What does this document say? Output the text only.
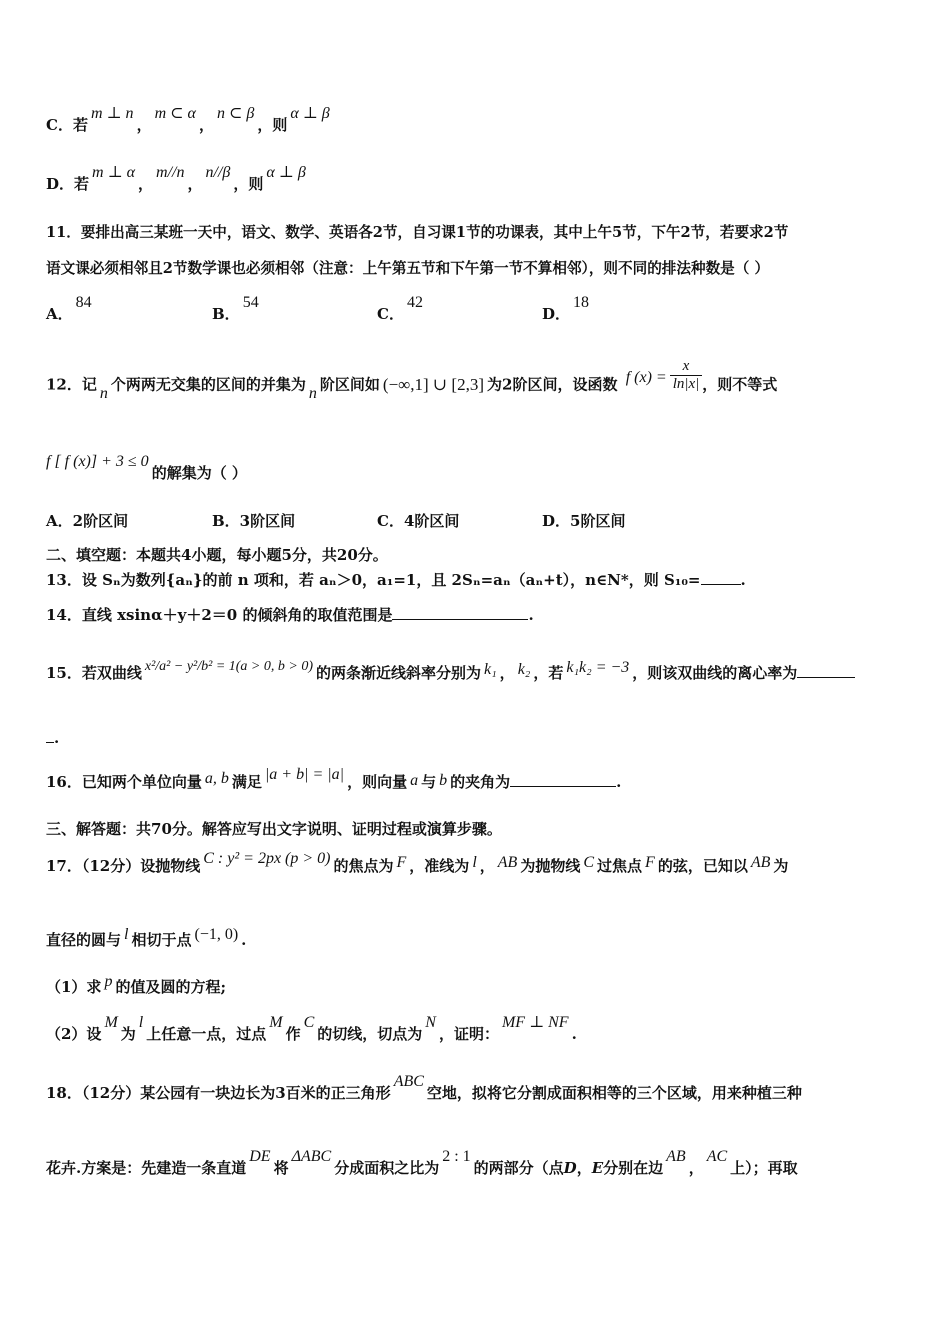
C．若m ⊥ n，m ⊂ α，n ⊂ β，则α ⊥ β
D．若m ⊥ α，m//n，n//β，则α ⊥ β
11．要排出高三某班一天中，语文、数学、英语各2节，自习课1节的功课表，其中上午5节，下午2节，若要求2节
语文课必须相邻且2节数学课也必须相邻（注意：上午第五节和下午第一节不算相邻），则不同的排法种数是（ ）
A．84
B．54
C．42
D．18
12．记 n 个两两无交集的区间的并集为 n 阶区间如 (−∞,1] ∪ [2,3] 为2阶区间，设函数 f $(x) = \frac{x}{\ln|x|}$ ，则不等式
f [ f (x)] + 3 ≤ 0的解集为（ ）
A．2阶区间	B．3阶区间	C．4阶区间	D．5阶区间
二、填空题：本题共4小题，每小题5分，共20分。
13．设 Sₙ为数列{aₙ}的前 n 项和，若 aₙ＞0，a₁=1，且 2Sₙ=aₙ（aₙ+t），n∈N*，则 S₁₀=	.
14．直线 xsinα＋y＋2＝0 的倾斜角的取值范围是	.
15．若双曲线 x²/a² − y²/b² = 1(a > 0, b > 0) 的两条渐近线斜率分别为 k₁ ， k₂ ，若 k₁k₂ = −3 ，则该双曲线的离心率为
.
16．已知两个单位向量 a, b 满足 |a + b| = |a| ，则向量 a 与 b 的夹角为	.
三、解答题：共70分。解答应写出文字说明、证明过程或演算步骤。
17．（12分）设抛物线 C : y² = 2px (p > 0) 的焦点为 F ，准线为 l ， AB 为抛物线 C 过焦点 F 的弦，已知以 AB 为
直径的圆与 l 相切于点 (−1, 0) .
（1）求 p 的值及圆的方程;
（2）设M为l上任意一点，过点M作C的切线，切点为N，证明：MF ⊥ NF.
18．（12分）某公园有一块边长为3百米的正三角形ABC空地，拟将它分割成面积相等的三个区域，用来种植三种
花卉.方案是：先建造一条直道DE将ΔABC分成面积之比为2 : 1的两部分（点D，E分别在边AB，AC上）；再取
